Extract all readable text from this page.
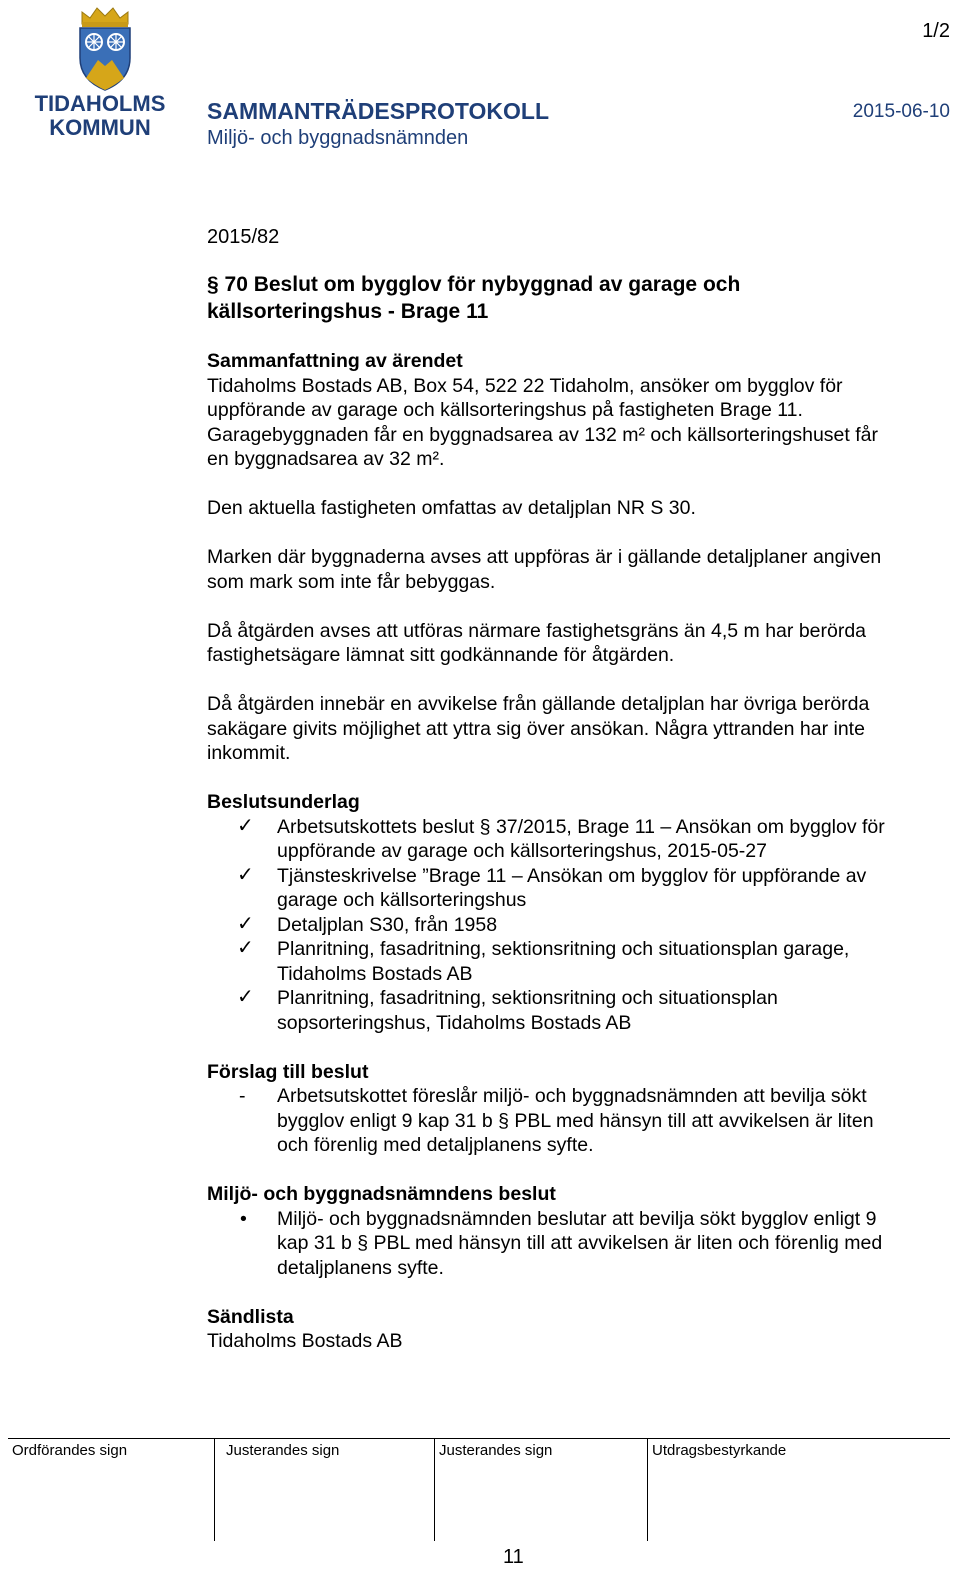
TIDAHOLMS
KOMMUN
1/2
SAMMANTRÄDESPROTOKOLL	2015-06-10
Miljö- och byggnadsnämnden
2015/82
§ 70 Beslut om bygglov för nybyggnad av garage och
källsorteringshus - Brage 11

Sammanfattning av ärendet

Tidaholms Bostads AB, Box 54, 522 22 Tidaholm, ansöker om bygglov för
uppförande av garage och källsorteringshus på fastigheten Brage 11.
Garagebyggnaden får en byggnadsarea av 132 m² och källsorteringshuset får
en byggnadsarea av 32 m².

Den aktuella fastigheten omfattas av detaljplan NR S 30.

Marken där byggnaderna avses att uppföras är i gällande detaljplaner angiven
som mark som inte får bebyggas.

Då åtgärden avses att utföras närmare fastighetsgräns än 4,5 m har berörda
fastighetsägare lämnat sitt godkännande för åtgärden.

Då åtgärden innebär en avvikelse från gällande detaljplan har övriga berörda
sakägare givits möjlighet att yttra sig över ansökan. Några yttranden har inte
inkommit.

Beslutsunderlag

✓ Arbetsutskottets beslut § 37/2015, Brage 11 – Ansökan om bygglov för
uppförande av garage och källsorteringshus, 2015-05-27
✓ Tjänsteskrivelse ”Brage 11 – Ansökan om bygglov för uppförande av
garage och källsorteringshus
✓ Detaljplan S30, från 1958
✓ Planritning, fasadritning, sektionsritning och situationsplan garage,
Tidaholms Bostads AB
✓ Planritning, fasadritning, sektionsritning och situationsplan
sopsorteringshus, Tidaholms Bostads AB

Förslag till beslut

- Arbetsutskottet föreslår miljö- och byggnadsnämnden att bevilja sökt
bygglov enligt 9 kap 31 b § PBL med hänsyn till att avvikelsen är liten
och förenlig med detaljplanens syfte.

Miljö- och byggnadsnämndens beslut

• Miljö- och byggnadsnämnden beslutar att bevilja sökt bygglov enligt 9
kap 31 b § PBL med hänsyn till att avvikelsen är liten och förenlig med
detaljplanens syfte.

Sändlista

Tidaholms Bostads AB

Ordförandes sign	Justerandes sign	Justerandes sign	Utdragsbestyrkande
11
